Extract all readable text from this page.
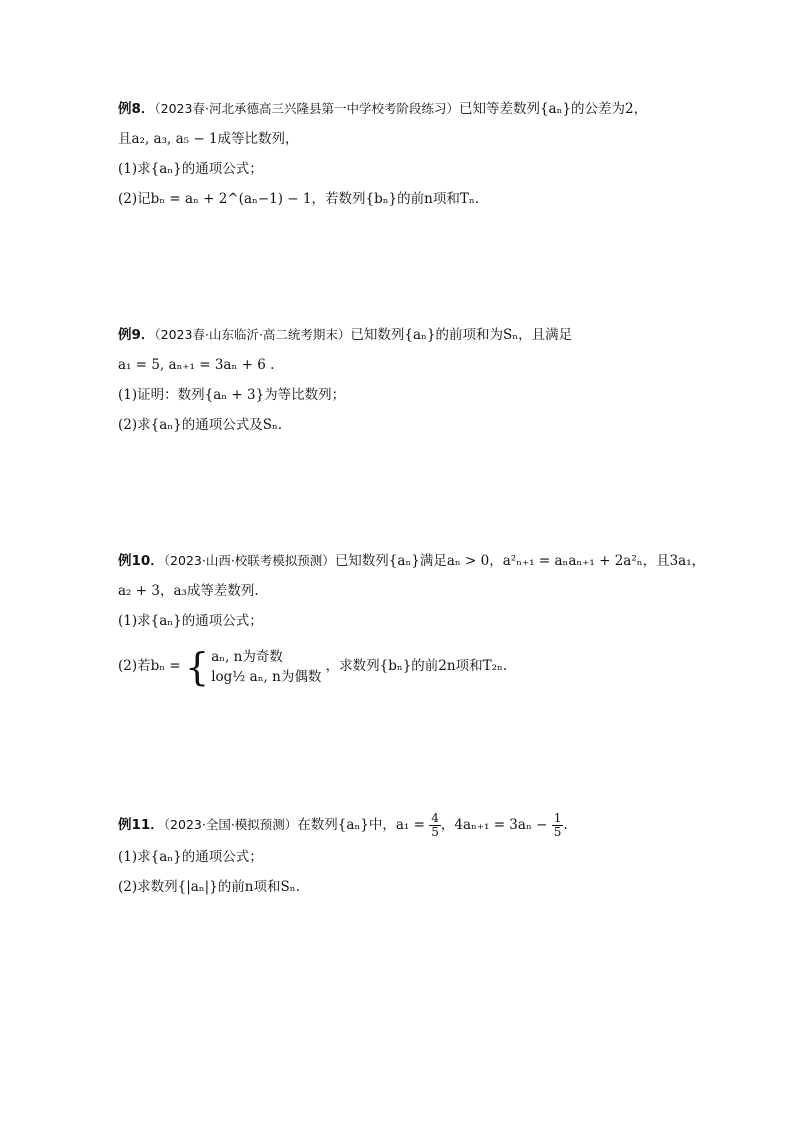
例8．（2023春·河北承德高三兴隆县第一中学校考阶段练习）已知等差数列{aₙ}的公差为2，
且a₂, a₃, a₅ − 1成等比数列，
(1)求{aₙ}的通项公式；
(2)记bₙ = aₙ + 2^(aₙ−1) − 1，若数列{bₙ}的前n项和Tₙ.
例9．（2023春·山东临沂·高二统考期末）已知数列{aₙ}的前项和为Sₙ，且满足
a₁ = 5, aₙ₊₁ = 3aₙ + 6 .
(1)证明：数列{aₙ + 3}为等比数列；
(2)求{aₙ}的通项公式及Sₙ.
例10．（2023·山西·校联考模拟预测）已知数列{aₙ}满足aₙ > 0，a²ₙ₊₁ = aₙaₙ₊₁ + 2a²ₙ，且3a₁，
a₂ + 3，a₃成等差数列.
(1)求{aₙ}的通项公式；
(2)若bₙ = { aₙ, n为奇数
log½ aₙ, n为偶数
，求数列{bₙ}的前2n项和T₂ₙ.
例11．（2023·全国·模拟预测）在数列{aₙ}中，$a_1 = \frac{4}{5}$ ，$4a_{n+1} = 3a_n - \frac{1}{5}$ .
(1)求{aₙ}的通项公式；
(2)求数列{|aₙ|}的前n项和Sₙ.
